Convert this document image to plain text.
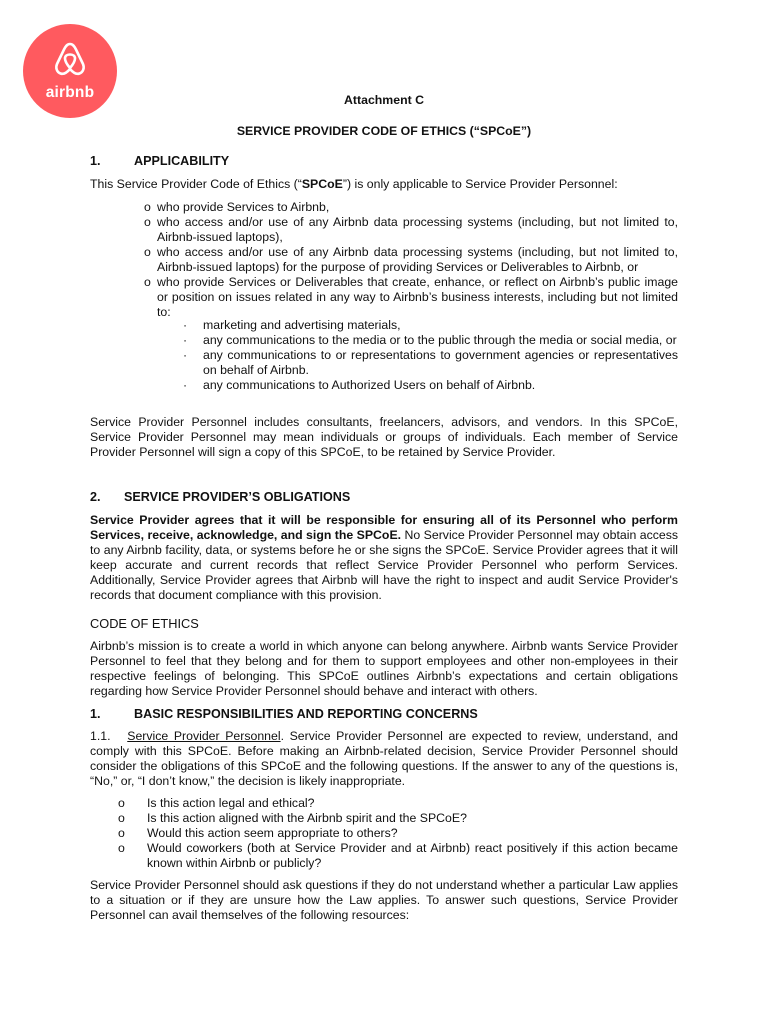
airbnb	Attachment C
SERVICE PROVIDER CODE OF ETHICS (“SPCoE”)
1.	APPLICABILITY
This Service Provider Code of Ethics (“SPCoE”) is only applicable to Service Provider Personnel:
o who provide Services to Airbnb,
o who access and/or use of any Airbnb data processing systems (including, but not limited to, Airbnb-issued laptops),
o who access and/or use of any Airbnb data processing systems (including, but not limited to, Airbnb-issued laptops) for the purpose of providing Services or Deliverables to Airbnb, or
o who provide Services or Deliverables that create, enhance, or reflect on Airbnb’s public image or position on issues related in any way to Airbnb’s business interests, including but not limited to:
· marketing and advertising materials,
· any communications to the media or to the public through the media or social media, or
· any communications to or representations to government agencies or representatives on behalf of Airbnb.
· any communications to Authorized Users on behalf of Airbnb.
Service Provider Personnel includes consultants, freelancers, advisors, and vendors. In this SPCoE, Service Provider Personnel may mean individuals or groups of individuals. Each member of Service Provider Personnel will sign a copy of this SPCoE, to be retained by Service Provider.
2. SERVICE PROVIDER’S OBLIGATIONS
Service Provider agrees that it will be responsible for ensuring all of its Personnel who perform Services, receive, acknowledge, and sign the SPCoE. No Service Provider Personnel may obtain access to any Airbnb facility, data, or systems before he or she signs the SPCoE. Service Provider agrees that it will keep accurate and current records that reflect Service Provider Personnel who perform Services. Additionally, Service Provider agrees that Airbnb will have the right to inspect and audit Service Provider's records that document compliance with this provision.
CODE OF ETHICS
Airbnb’s mission is to create a world in which anyone can belong anywhere. Airbnb wants Service Provider Personnel to feel that they belong and for them to support employees and other non-employees in their respective feelings of belonging. This SPCoE outlines Airbnb’s expectations and certain obligations regarding how Service Provider Personnel should behave and interact with others.
1.	BASIC RESPONSIBILITIES AND REPORTING CONCERNS
1.1. Service Provider Personnel. Service Provider Personnel are expected to review, understand, and comply with this SPCoE. Before making an Airbnb-related decision, Service Provider Personnel should consider the obligations of this SPCoE and the following questions. If the answer to any of the questions is, “No,” or, “I don’t know,” the decision is likely inappropriate.
o Is this action legal and ethical?
o Is this action aligned with the Airbnb spirit and the SPCoE?
o Would this action seem appropriate to others?
o Would coworkers (both at Service Provider and at Airbnb) react positively if this action became known within Airbnb or publicly?
Service Provider Personnel should ask questions if they do not understand whether a particular Law applies to a situation or if they are unsure how the Law applies. To answer such questions, Service Provider Personnel can avail themselves of the following resources:
